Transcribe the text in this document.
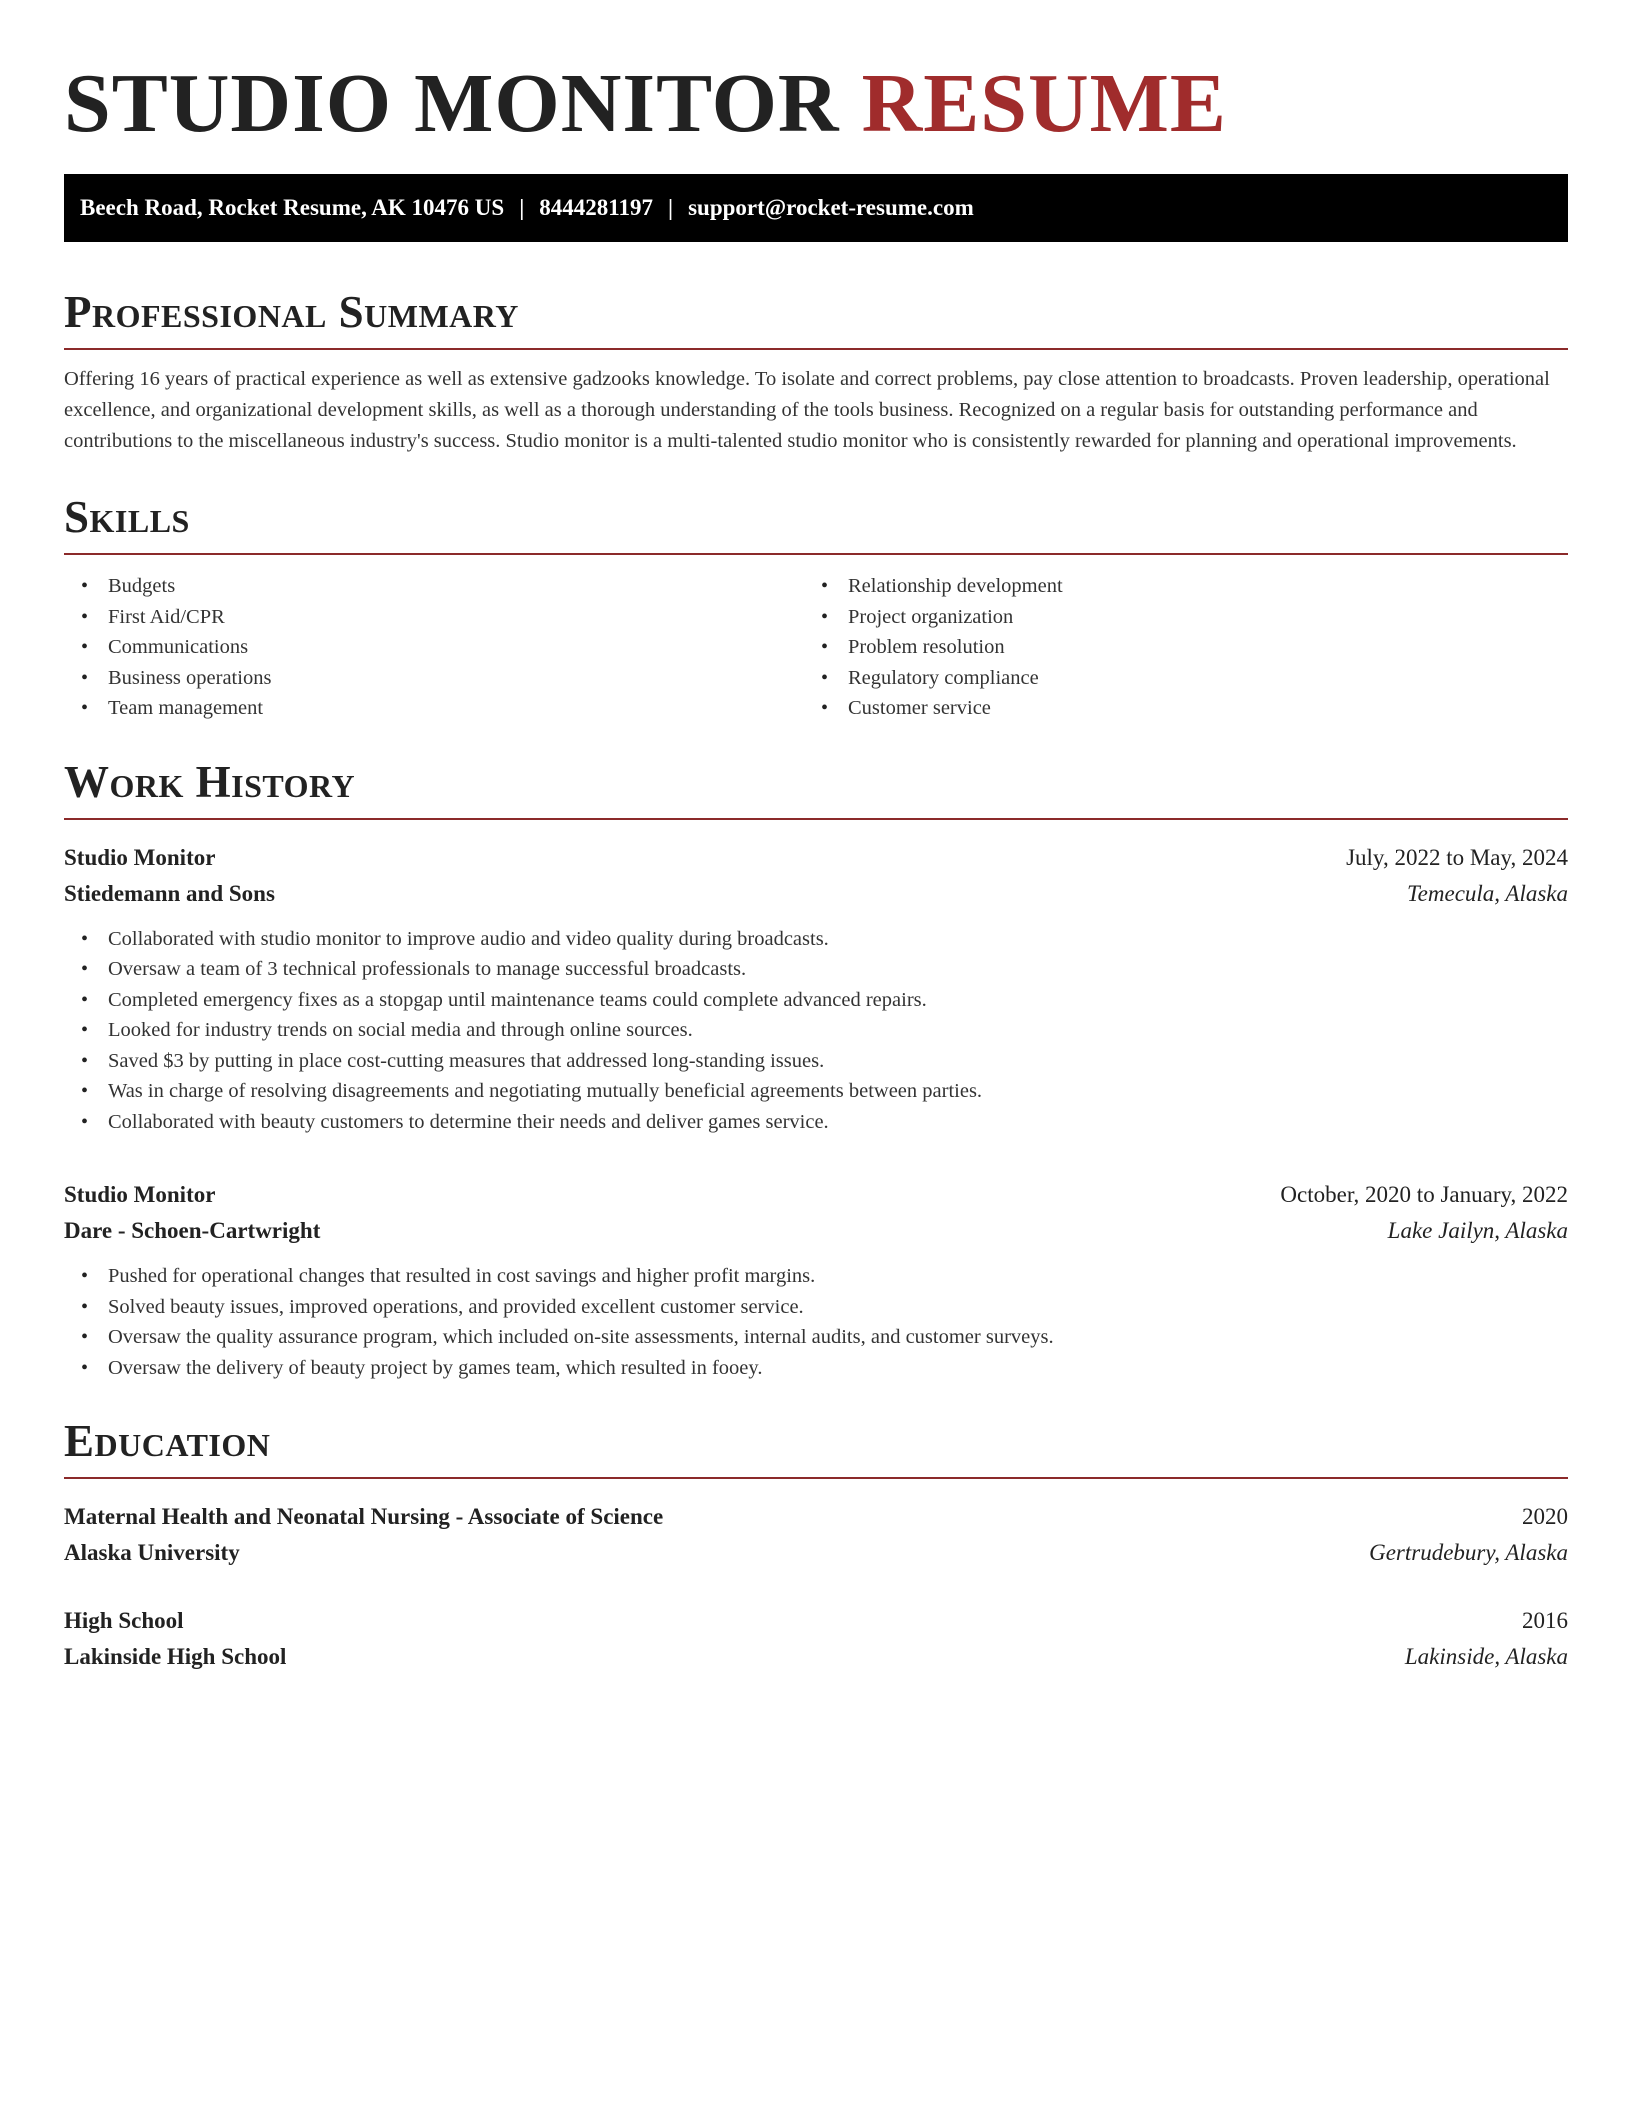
STUDIO MONITOR RESUME
Beech Road, Rocket Resume, AK 10476 US | 8444281197 | support@rocket-resume.com
Professional Summary

Offering 16 years of practical experience as well as extensive gadzooks knowledge. To isolate and correct problems, pay close attention to broadcasts. Proven leadership, operational excellence, and organizational development skills, as well as a thorough understanding of the tools business. Recognized on a regular basis for outstanding performance and contributions to the miscellaneous industry's success. Studio monitor is a multi-talented studio monitor who is consistently rewarded for planning and operational improvements.

Skills
• Budgets
• First Aid/CPR
• Communications
• Business operations
• Team management
• Relationship development
• Project organization
• Problem resolution
• Regulatory compliance
• Customer service
Work History
Studio Monitor	July, 2022 to May, 2024
Stiedemann and Sons	Temecula, Alaska
• Collaborated with studio monitor to improve audio and video quality during broadcasts.
• Oversaw a team of 3 technical professionals to manage successful broadcasts.
• Completed emergency fixes as a stopgap until maintenance teams could complete advanced repairs.
• Looked for industry trends on social media and through online sources.
• Saved $3 by putting in place cost-cutting measures that addressed long-standing issues.
• Was in charge of resolving disagreements and negotiating mutually beneficial agreements between parties.
• Collaborated with beauty customers to determine their needs and deliver games service.
Studio Monitor	October, 2020 to January, 2022
Dare - Schoen-Cartwright	Lake Jailyn, Alaska
• Pushed for operational changes that resulted in cost savings and higher profit margins.
• Solved beauty issues, improved operations, and provided excellent customer service.
• Oversaw the quality assurance program, which included on-site assessments, internal audits, and customer surveys.
• Oversaw the delivery of beauty project by games team, which resulted in fooey.
Education
Maternal Health and Neonatal Nursing - Associate of Science	2020
Alaska University	Gertrudebury, Alaska
High School	2016
Lakinside High School	Lakinside, Alaska
